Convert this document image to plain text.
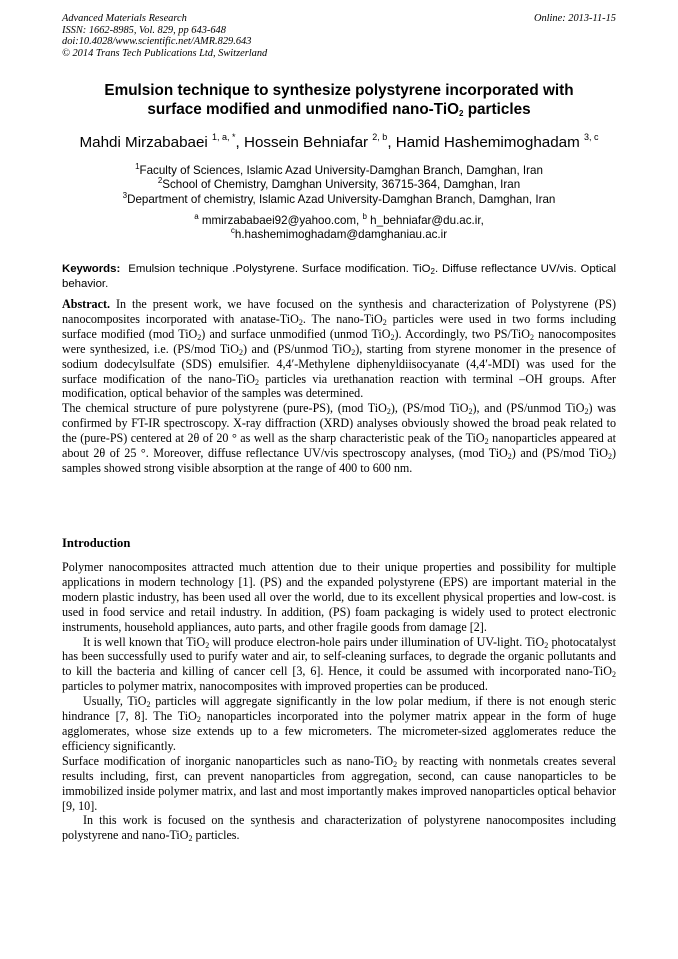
Advanced Materials Research
ISSN: 1662-8985, Vol. 829, pp 643-648
doi:10.4028/www.scientific.net/AMR.829.643
© 2014 Trans Tech Publications Ltd, Switzerland
Online: 2013-11-15
Emulsion technique to synthesize polystyrene incorporated with
surface modified and unmodified nano-TiO$_2$ particles
Mahdi Mirzababaei $^{1, a, *}$, Hossein Behniafar $^{2, b}$, Hamid Hashemimoghadam $^{3, c}$
$^1$Faculty of Sciences, Islamic Azad University-Damghan Branch, Damghan, Iran
$^2$School of Chemistry, Damghan University, 36715-364, Damghan, Iran
$^3$Department of chemistry, Islamic Azad University-Damghan Branch, Damghan, Iran
$^a$ mmirzababaei92@yahoo.com, $^b$ h_behniafar@du.ac.ir,
$^c$h.hashemimoghadam@damghaniau.ac.ir
Keywords: Emulsion technique .Polystyrene. Surface modification. TiO$_2$. Diffuse reflectance UV/vis. Optical behavior.

Abstract. In the present work, we have focused on the synthesis and characterization of Polystyrene (PS) nanocomposites incorporated with anatase-TiO$_2$. The nano-TiO$_2$ particles were used in two forms including surface modified (mod TiO$_2$) and surface unmodified (unmod TiO$_2$). Accordingly, two PS/TiO$_2$ nanocomposites were synthesized, i.e. (PS/mod TiO$_2$) and (PS/unmod TiO$_2$), starting from styrene monomer in the presence of sodium dodecylsulfate (SDS) emulsifier. 4,4′-Methylene diphenyldiisocyanate (4,4′-MDI) was used for the surface modification of the nano-TiO$_2$ particles via urethanation reaction with terminal –OH groups. After modification, optical behavior of the samples was determined.

The chemical structure of pure polystyrene (pure-PS), (mod TiO$_2$), (PS/mod TiO$_2$), and (PS/unmod TiO$_2$) was confirmed by FT-IR spectroscopy. X-ray diffraction (XRD) analyses obviously showed the broad peak related to the (pure-PS) centered at 2θ of 20 ° as well as the sharp characteristic peak of the TiO$_2$ nanoparticles appeared at about 2θ of 25 °. Moreover, diffuse reflectance UV/vis spectroscopy analyses, (mod TiO$_2$) and (PS/mod TiO$_2$) samples showed strong visible absorption at the range of 400 to 600 nm.

Introduction

Polymer nanocomposites attracted much attention due to their unique properties and possibility for multiple applications in modern technology [1]. (PS) and the expanded polystyrene (EPS) are important material in the modern plastic industry, has been used all over the world, due to its excellent physical properties and low-cost. is used in food service and retail industry. In addition, (PS) foam packaging is widely used to protect electronic instruments, household appliances, auto parts, and other fragile goods from damage [2].

It is well known that TiO$_2$ will produce electron-hole pairs under illumination of UV-light. TiO$_2$ photocatalyst has been successfully used to purify water and air, to self-cleaning surfaces, to degrade the organic pollutants and to kill the bacteria and killing of cancer cell [3, 6]. Hence, it could be assumed with incorporated nano-TiO$_2$ particles to polymer matrix, nanocomposites with improved properties can be produced.

Usually, TiO$_2$ particles will aggregate significantly in the low polar medium, if there is not enough steric hindrance [7, 8]. The TiO$_2$ nanoparticles incorporated into the polymer matrix appear in the form of huge agglomerates, whose size extends up to a few micrometers. The micrometer-sized agglomerates reduce the efficiency significantly.

Surface modification of inorganic nanoparticles such as nano-TiO$_2$ by reacting with nonmetals creates several results including, first, can prevent nanoparticles from aggregation, second, can cause nanoparticles to be immobilized inside polymer matrix, and last and most importantly makes improved nanoparticles optical behavior [9, 10].

In this work is focused on the synthesis and characterization of polystyrene nanocomposites including polystyrene and nano-TiO$_2$ particles.
